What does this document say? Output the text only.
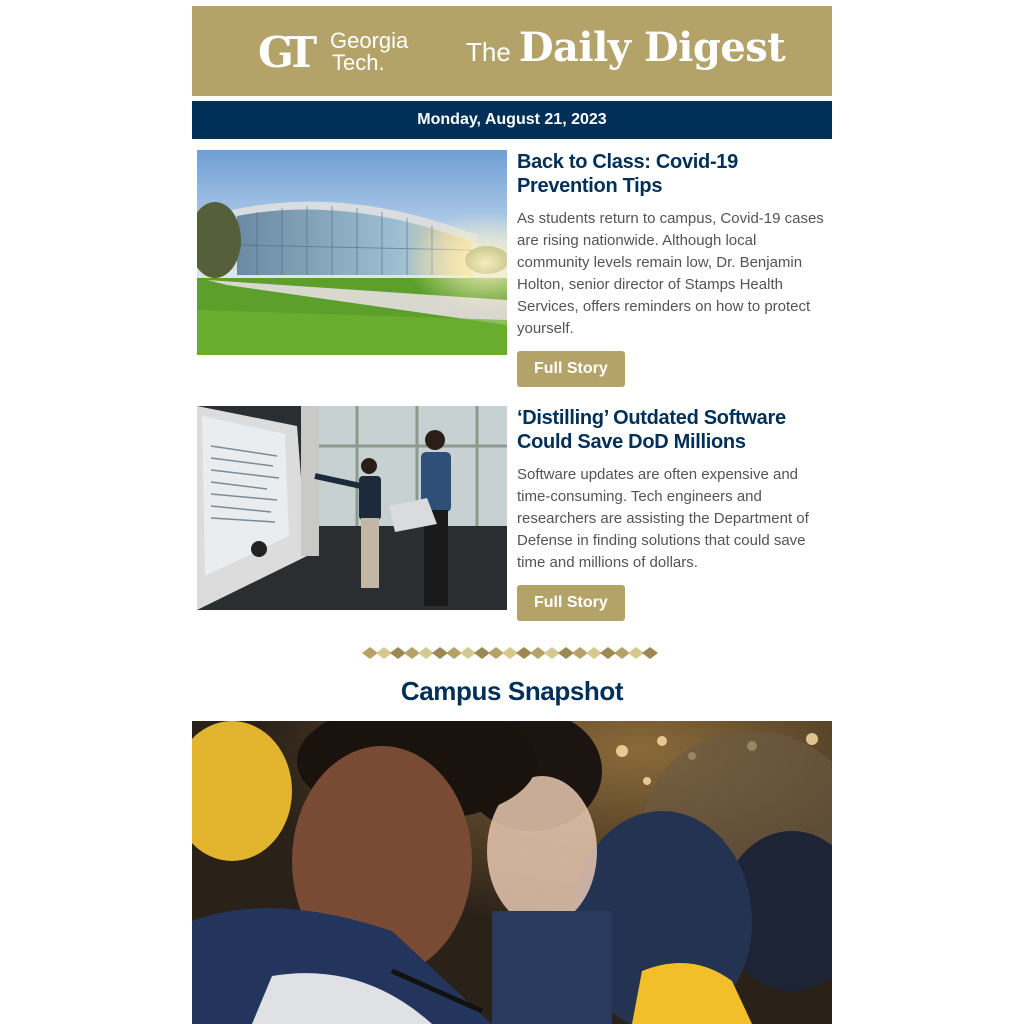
GT Georgia
Tech.	The Daily Digest
Monday, August 21, 2023
Back to Class: Covid-19 Prevention Tips

As students return to campus, Covid-19 cases are rising nationwide. Although local community levels remain low, Dr. Benjamin Holton, senior director of Stamps Health Services, offers reminders on how to protect yourself.

Full Story
‘Distilling’ Outdated Software Could Save DoD Millions

Software updates are often expensive and time-consuming. Tech engineers and researchers are assisting the Department of Defense in finding solutions that could save time and millions of dollars.

Full Story
Campus Snapshot
